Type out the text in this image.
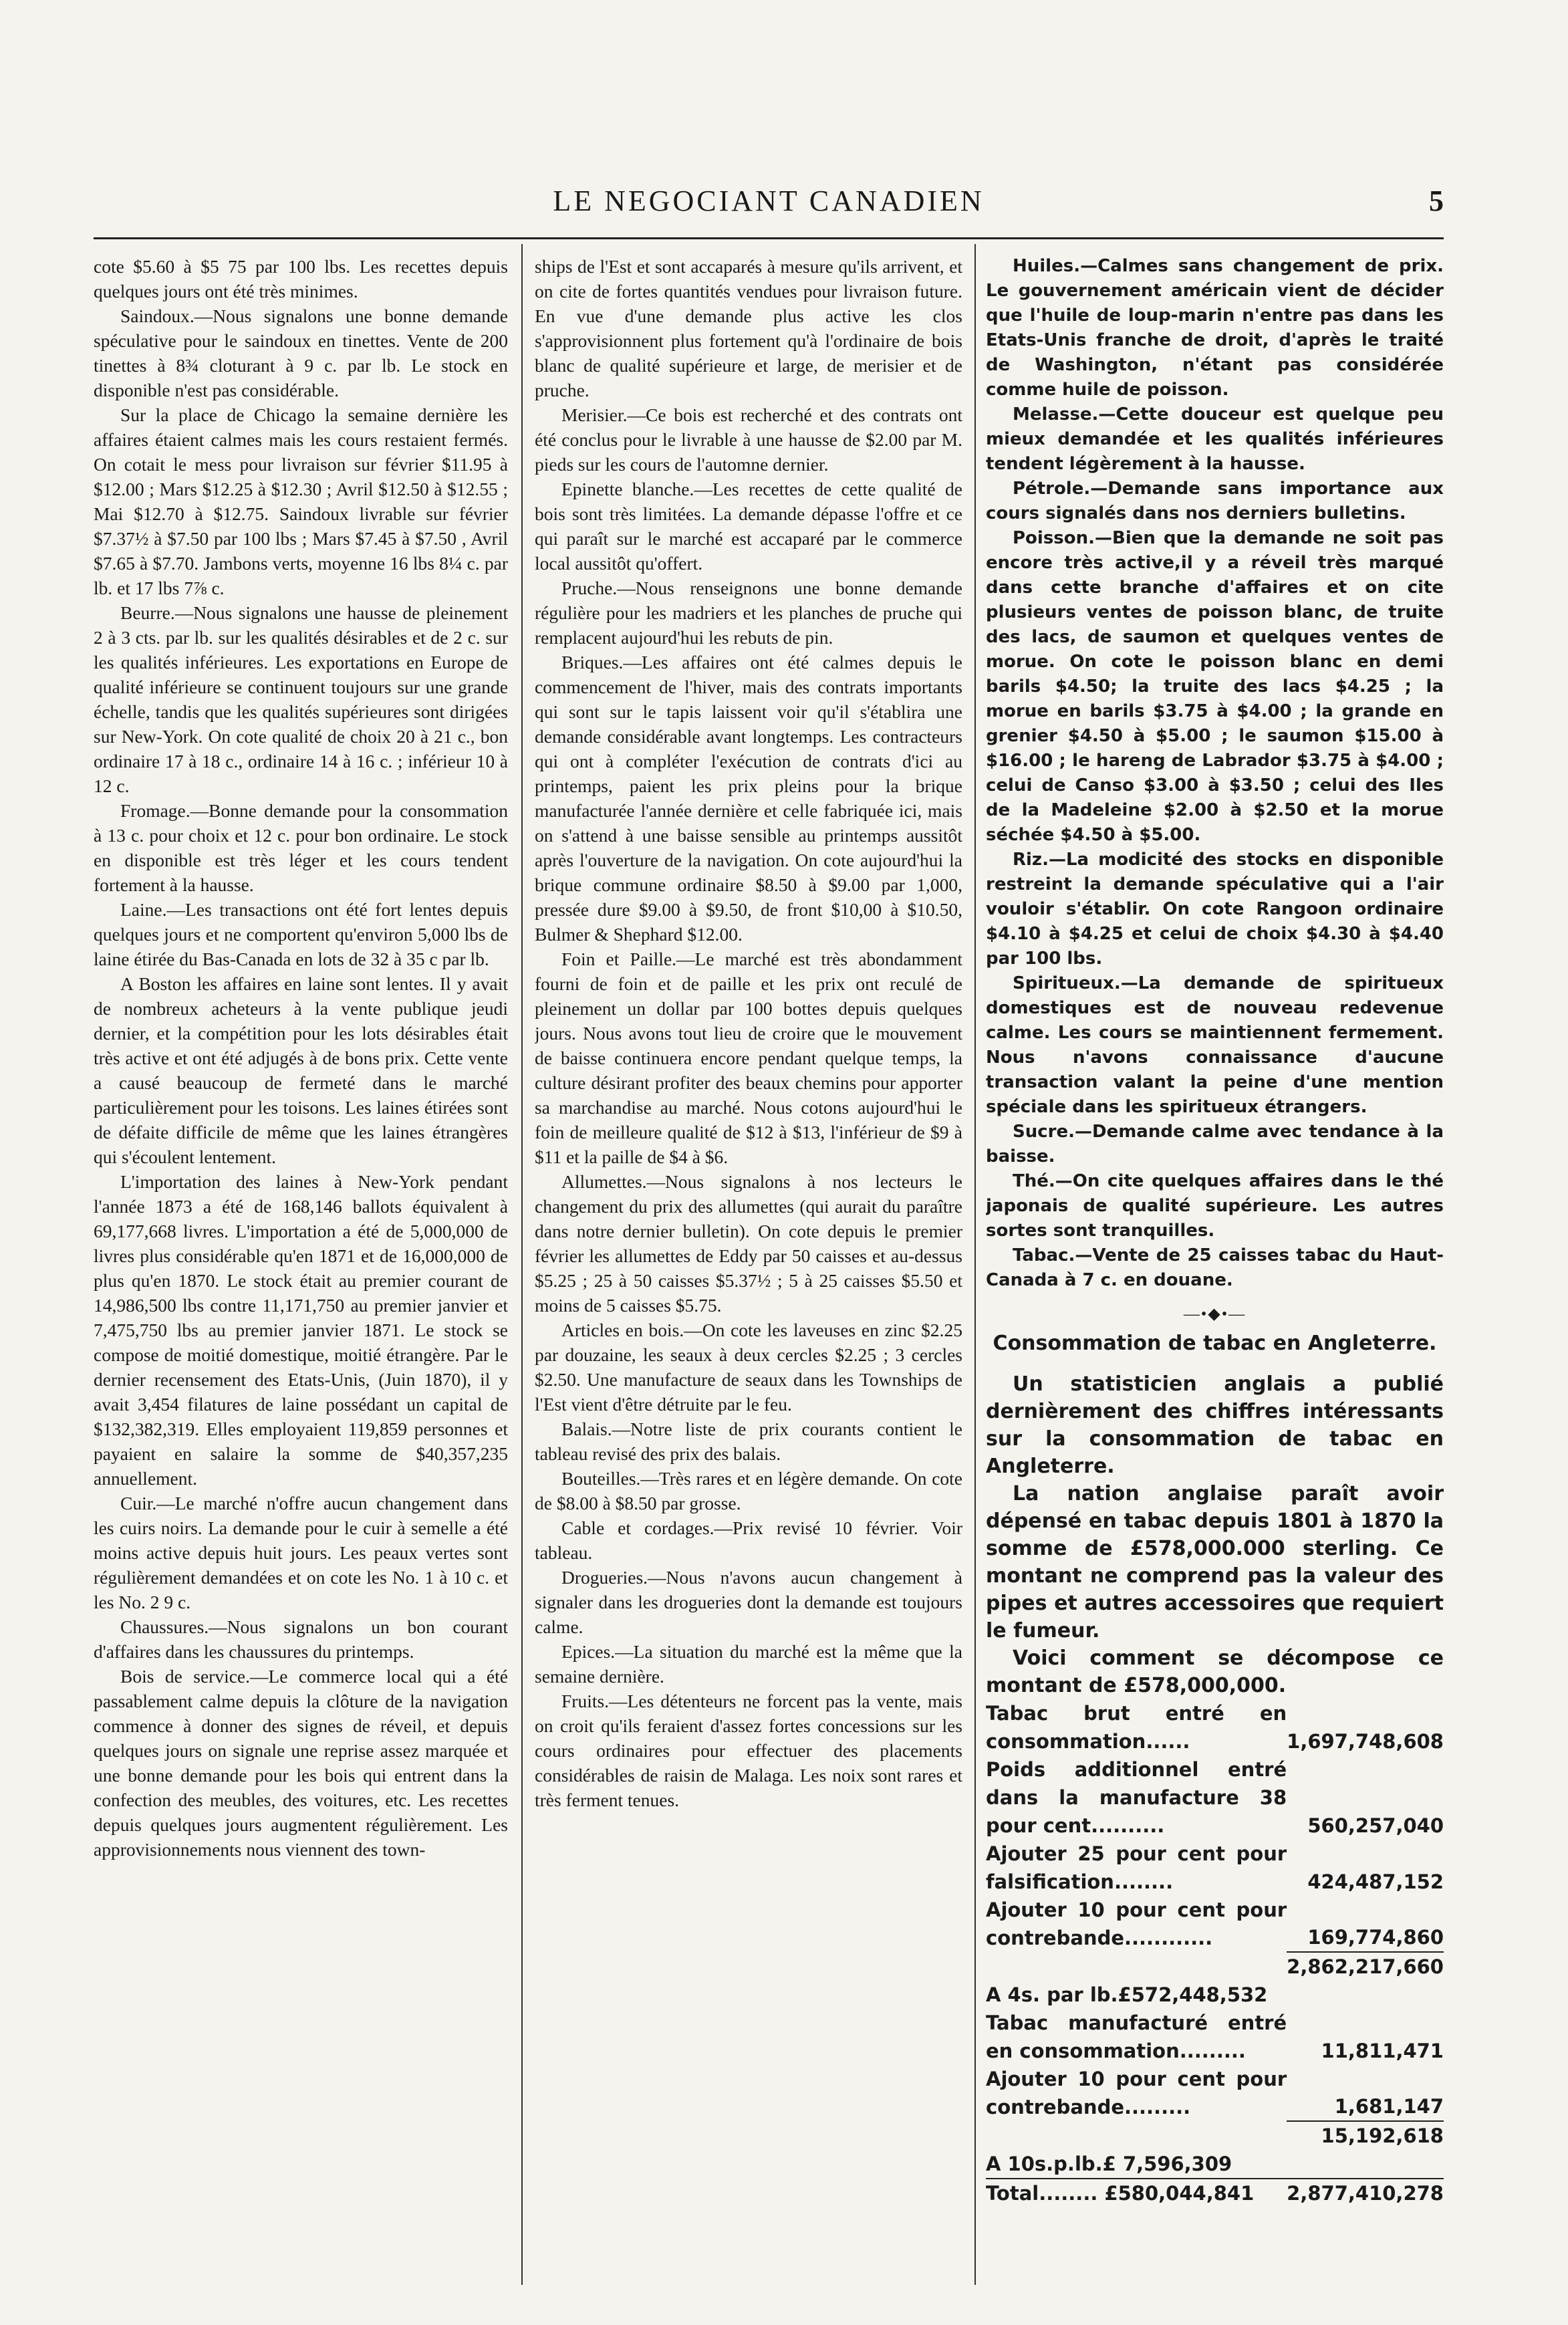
LE NEGOCIANT CANADIEN	5

cote $5.60 à $5 75 par 100 lbs. Les recettes depuis quelques jours ont été très minimes.

Saindoux.—Nous signalons une bonne demande spéculative pour le saindoux en tinettes. Vente de 200 tinettes à 8¾ cloturant à 9 c. par lb. Le stock en disponible n'est pas considérable.

Sur la place de Chicago la semaine dernière les affaires étaient calmes mais les cours restaient fermés. On cotait le mess pour livraison sur février $11.95 à $12.00 ; Mars $12.25 à $12.30 ; Avril $12.50 à $12.55 ; Mai $12.70 à $12.75. Saindoux livrable sur février $7.37½ à $7.50 par 100 lbs ; Mars $7.45 à $7.50 , Avril $7.65 à $7.70. Jambons verts, moyenne 16 lbs 8¼ c. par lb. et 17 lbs 7⅞ c.

Beurre.—Nous signalons une hausse de pleinement 2 à 3 cts. par lb. sur les qualités désirables et de 2 c. sur les qualités inférieures. Les exportations en Europe de qualité inférieure se continuent toujours sur une grande échelle, tandis que les qualités supérieures sont dirigées sur New-York. On cote qualité de choix 20 à 21 c., bon ordinaire 17 à 18 c., ordinaire 14 à 16 c. ; inférieur 10 à 12 c.

Fromage.—Bonne demande pour la consommation à 13 c. pour choix et 12 c. pour bon ordinaire. Le stock en disponible est très léger et les cours tendent fortement à la hausse.

Laine.—Les transactions ont été fort lentes depuis quelques jours et ne comportent qu'environ 5,000 lbs de laine étirée du Bas-Canada en lots de 32 à 35 c par lb.

A Boston les affaires en laine sont lentes. Il y avait de nombreux acheteurs à la vente publique jeudi dernier, et la compétition pour les lots désirables était très active et ont été adjugés à de bons prix. Cette vente a causé beaucoup de fermeté dans le marché particulièrement pour les toisons. Les laines étirées sont de défaite difficile de même que les laines étrangères qui s'écoulent lentement.

L'importation des laines à New-York pendant l'année 1873 a été de 168,146 ballots équivalent à 69,177,668 livres. L'importation a été de 5,000,000 de livres plus considérable qu'en 1871 et de 16,000,000 de plus qu'en 1870. Le stock était au premier courant de 14,986,500 lbs contre 11,171,750 au premier janvier et 7,475,750 lbs au premier janvier 1871. Le stock se compose de moitié domestique, moitié étrangère. Par le dernier recensement des Etats-Unis, (Juin 1870), il y avait 3,454 filatures de laine possédant un capital de $132,382,319. Elles employaient 119,859 personnes et payaient en salaire la somme de $40,357,235 annuellement.

Cuir.—Le marché n'offre aucun changement dans les cuirs noirs. La demande pour le cuir à semelle a été moins active depuis huit jours. Les peaux vertes sont régulièrement demandées et on cote les No. 1 à 10 c. et les No. 2 9 c.

Chaussures.—Nous signalons un bon courant d'affaires dans les chaussures du printemps.

Bois de service.—Le commerce local qui a été passablement calme depuis la clôture de la navigation commence à donner des signes de réveil, et depuis quelques jours on signale une reprise assez marquée et une bonne demande pour les bois qui entrent dans la confection des meubles, des voitures, etc. Les recettes depuis quelques jours augmentent régulièrement. Les approvisionnements nous viennent des town-

ships de l'Est et sont accaparés à mesure qu'ils arrivent, et on cite de fortes quantités vendues pour livraison future. En vue d'une demande plus active les clos s'approvisionnent plus fortement qu'à l'ordinaire de bois blanc de qualité supérieure et large, de merisier et de pruche.

Merisier.—Ce bois est recherché et des contrats ont été conclus pour le livrable à une hausse de $2.00 par M. pieds sur les cours de l'automne dernier.

Epinette blanche.—Les recettes de cette qualité de bois sont très limitées. La demande dépasse l'offre et ce qui paraît sur le marché est accaparé par le commerce local aussitôt qu'offert.

Pruche.—Nous renseignons une bonne demande régulière pour les madriers et les planches de pruche qui remplacent aujourd'hui les rebuts de pin.

Briques.—Les affaires ont été calmes depuis le commencement de l'hiver, mais des contrats importants qui sont sur le tapis laissent voir qu'il s'établira une demande considérable avant longtemps. Les contracteurs qui ont à compléter l'exécution de contrats d'ici au printemps, paient les prix pleins pour la brique manufacturée l'année dernière et celle fabriquée ici, mais on s'attend à une baisse sensible au printemps aussitôt après l'ouverture de la navigation. On cote aujourd'hui la brique commune ordinaire $8.50 à $9.00 par 1,000, pressée dure $9.00 à $9.50, de front $10,00 à $10.50, Bulmer & Shephard $12.00.

Foin et Paille.—Le marché est très abondamment fourni de foin et de paille et les prix ont reculé de pleinement un dollar par 100 bottes depuis quelques jours. Nous avons tout lieu de croire que le mouvement de baisse continuera encore pendant quelque temps, la culture désirant profiter des beaux chemins pour apporter sa marchandise au marché. Nous cotons aujourd'hui le foin de meilleure qualité de $12 à $13, l'inférieur de $9 à $11 et la paille de $4 à $6.

Allumettes.—Nous signalons à nos lecteurs le changement du prix des allumettes (qui aurait du paraître dans notre dernier bulletin). On cote depuis le premier février les allumettes de Eddy par 50 caisses et au-dessus $5.25 ; 25 à 50 caisses $5.37½ ; 5 à 25 caisses $5.50 et moins de 5 caisses $5.75.

Articles en bois.—On cote les laveuses en zinc $2.25 par douzaine, les seaux à deux cercles $2.25 ; 3 cercles $2.50. Une manufacture de seaux dans les Townships de l'Est vient d'être détruite par le feu.

Balais.—Notre liste de prix courants contient le tableau revisé des prix des balais.

Bouteilles.—Très rares et en légère demande. On cote de $8.00 à $8.50 par grosse.

Cable et cordages.—Prix revisé 10 février. Voir tableau.

Drogueries.—Nous n'avons aucun changement à signaler dans les drogueries dont la demande est toujours calme.

Epices.—La situation du marché est la même que la semaine dernière.

Fruits.—Les détenteurs ne forcent pas la vente, mais on croit qu'ils feraient d'assez fortes concessions sur les cours ordinaires pour effectuer des placements considérables de raisin de Malaga. Les noix sont rares et très ferment tenues.

Huiles.—Calmes sans changement de prix. Le gouvernement américain vient de décider que l'huile de loup-marin n'entre pas dans les Etats-Unis franche de droit, d'après le traité de Washington, n'étant pas considérée comme huile de poisson.

Melasse.—Cette douceur est quelque peu mieux demandée et les qualités inférieures tendent légèrement à la hausse.

Pétrole.—Demande sans importance aux cours signalés dans nos derniers bulletins.

Poisson.—Bien que la demande ne soit pas encore très active,il y a réveil très marqué dans cette branche d'affaires et on cite plusieurs ventes de poisson blanc, de truite des lacs, de saumon et quelques ventes de morue. On cote le poisson blanc en demi barils $4.50; la truite des lacs $4.25 ; la morue en barils $3.75 à $4.00 ; la grande en grenier $4.50 à $5.00 ; le saumon $15.00 à $16.00 ; le hareng de Labrador $3.75 à $4.00 ; celui de Canso $3.00 à $3.50 ; celui des Iles de la Madeleine $2.00 à $2.50 et la morue séchée $4.50 à $5.00.

Riz.—La modicité des stocks en disponible restreint la demande spéculative qui a l'air vouloir s'établir. On cote Rangoon ordinaire $4.10 à $4.25 et celui de choix $4.30 à $4.40 par 100 lbs.

Spiritueux.—La demande de spiritueux domestiques est de nouveau redevenue calme. Les cours se maintiennent fermement. Nous n'avons connaissance d'aucune transaction valant la peine d'une mention spéciale dans les spiritueux étrangers.

Sucre.—Demande calme avec tendance à la baisse.

Thé.—On cite quelques affaires dans le thé japonais de qualité supérieure. Les autres sortes sont tranquilles.

Tabac.—Vente de 25 caisses tabac du Haut-Canada à 7 c. en douane.

—•◆•—
Consommation de tabac en Angleterre.

Un statisticien anglais a publié dernièrement des chiffres intéressants sur la consommation de tabac en Angleterre.

La nation anglaise paraît avoir dépensé en tabac depuis 1801 à 1870 la somme de £578,000.000 sterling. Ce montant ne comprend pas la valeur des pipes et autres accessoires que requiert le fumeur.

Voici comment se décompose ce montant de £578,000,000.

Tabac brut entré en consommation......	1,697,748,608
Poids additionnel entré dans la manufacture 38 pour cent..........	560,257,040
Ajouter 25 pour cent pour falsification........	424,487,152
Ajouter 10 pour cent pour contrebande............	169,774,860
	2,862,217,660
A 4s. par lb.£572,448,532	
Tabac manufacturé entré en consommation.........	11,811,471
Ajouter 10 pour cent pour contrebande.........	1,681,147
	15,192,618
A 10s.p.lb.£ 7,596,309	
Total........ £580,044,841	2,877,410,278
